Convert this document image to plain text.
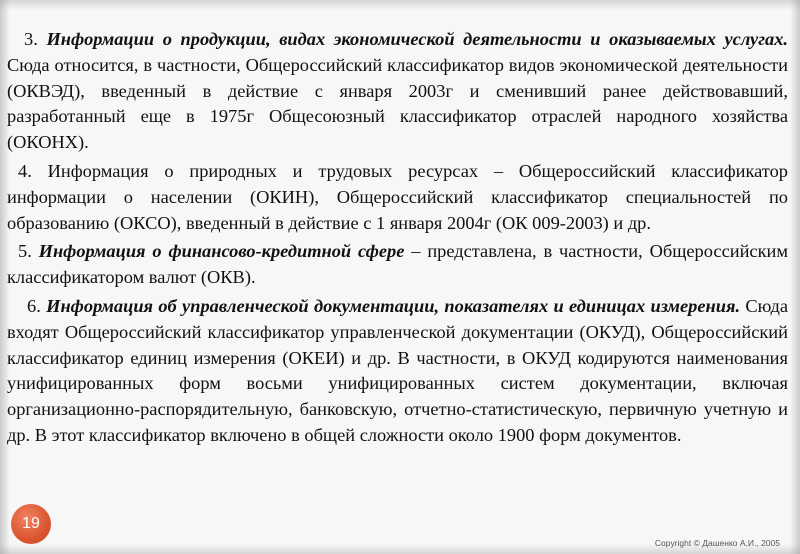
3. Информации о продукции, видах экономической деятельности и оказываемых услугах. Сюда относится, в частности, Общероссийский классификатор видов экономической деятельности (ОКВЭД), введенный в действие с января 2003г и сменивший ранее действовавший, разработанный еще в 1975г Общесоюзный классификатор отраслей народного хозяйства (ОКОНХ).

4. Информация о природных и трудовых ресурсах – Общероссийский классификатор информации о населении (ОКИН), Общероссийский классификатор специальностей по образованию (ОКСО), введенный в действие с 1 января 2004г (ОК 009-2003) и др.

5. Информация о финансово-кредитной сфере – представлена, в частности, Общероссийским классификатором валют (ОКВ).

6. Информация об управленческой документации, показателях и единицах измерения. Сюда входят Общероссийский классификатор управленческой документации (ОКУД), Общероссийский классификатор единиц измерения (ОКЕИ) и др. В частности, в ОКУД кодируются наименования унифицированных форм восьми унифицированных систем документации, включая организационно-распорядительную, банковскую, отчетно-статистическую, первичную учетную и др. В этот классификатор включено в общей сложности около 1900 форм документов.

19
Copyright © Дашенко А.И., 2005
